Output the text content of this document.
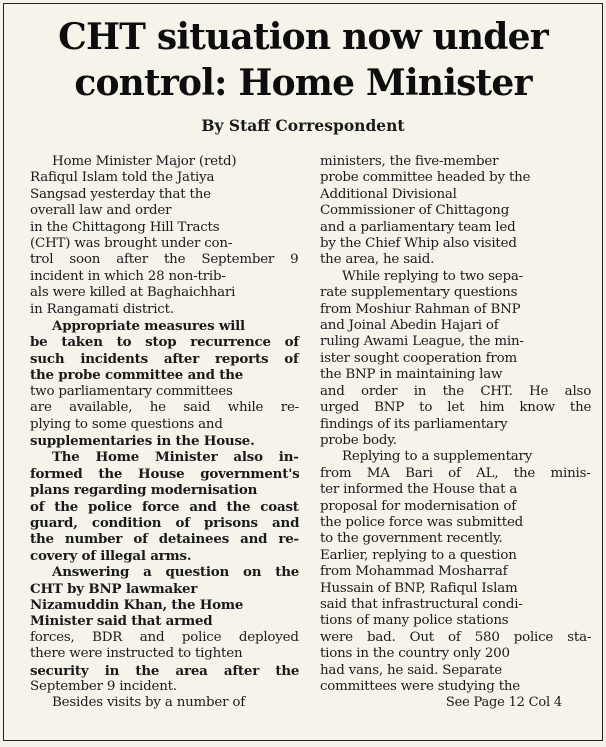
CHT situation now under
control: Home Minister
By Staff Correspondent
Home Minister Major (retd)
Rafiqul Islam told the Jatiya
Sangsad yesterday that the
overall law and order
in the Chittagong Hill Tracts
(CHT) was brought under con-
trol soon after the September 9
incident in which 28 non-trib-
als were killed at Baghaichhari
in Rangamati district.
Appropriate measures will
be taken to stop recurrence of
such incidents after reports of
the probe committee and the
two parliamentary committees
are available, he said while re-
plying to some questions and
supplementaries in the House.
The Home Minister also in-
formed the House government's
plans regarding modernisation
of the police force and the coast
guard, condition of prisons and
the number of detainees and re-
covery of illegal arms.
Answering a question on the
CHT by BNP lawmaker
Nizamuddin Khan, the Home
Minister said that armed
forces, BDR and police deployed
there were instructed to tighten
security in the area after the
September 9 incident.
Besides visits by a number of
ministers, the five-member
probe committee headed by the
Additional Divisional
Commissioner of Chittagong
and a parliamentary team led
by the Chief Whip also visited
the area, he said.
While replying to two sepa-
rate supplementary questions
from Moshiur Rahman of BNP
and Joinal Abedin Hajari of
ruling Awami League, the min-
ister sought cooperation from
the BNP in maintaining law
and order in the CHT. He also
urged BNP to let him know the
findings of its parliamentary
probe body.
Replying to a supplementary
from MA Bari of AL, the minis-
ter informed the House that a
proposal for modernisation of
the police force was submitted
to the government recently.
Earlier, replying to a question
from Mohammad Mosharraf
Hussain of BNP, Rafiqul Islam
said that infrastructural condi-
tions of many police stations
were bad. Out of 580 police sta-
tions in the country only 200
had vans, he said. Separate
committees were studying the
See Page 12 Col 4
